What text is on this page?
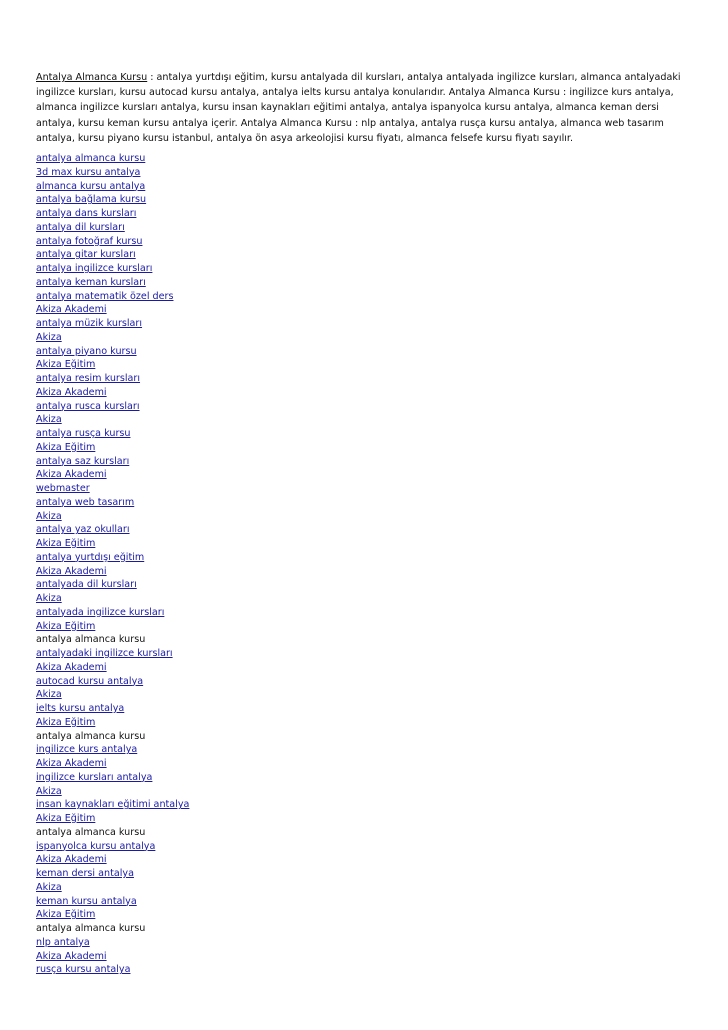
Antalya Almanca Kursu : antalya yurtdışı eğitim, kursu antalyada dil kursları, antalya antalyada ingilizce kursları, almanca antalyadaki ingilizce kursları, kursu autocad kursu antalya, antalya ielts kursu antalya konularıdır. Antalya Almanca Kursu : ingilizce kurs antalya, almanca ingilizce kursları antalya, kursu insan kaynakları eğitimi antalya, antalya ispanyolca kursu antalya, almanca keman dersi antalya, kursu keman kursu antalya içerir. Antalya Almanca Kursu : nlp antalya, antalya rusça kursu antalya, almanca web tasarım antalya, kursu piyano kursu istanbul, antalya ön asya arkeolojisi kursu fiyatı, almanca felsefe kursu fiyatı sayılır.

antalya almanca kursu
3d max kursu antalya
almanca kursu antalya
antalya bağlama kursu
antalya dans kursları
antalya dil kursları
antalya fotoğraf kursu
antalya gitar kursları
antalya ingilizce kursları
antalya keman kursları
antalya matematik özel ders
Akiza Akademi
antalya müzik kursları
Akiza
antalya piyano kursu
Akiza Eğitim
antalya resim kursları
Akiza Akademi
antalya rusca kursları
Akiza
antalya rusça kursu
Akiza Eğitim
antalya saz kursları
Akiza Akademi
webmaster
antalya web tasarım
Akiza
antalya yaz okulları
Akiza Eğitim
antalya yurtdışı eğitim
Akiza Akademi
antalyada dil kursları
Akiza
antalyada ingilizce kursları
Akiza Eğitim
antalya almanca kursu
antalyadaki ingilizce kursları
Akiza Akademi
autocad kursu antalya
Akiza
ielts kursu antalya
Akiza Eğitim
antalya almanca kursu
ingilizce kurs antalya
Akiza Akademi
ingilizce kursları antalya
Akiza
insan kaynakları eğitimi antalya
Akiza Eğitim
antalya almanca kursu
ispanyolca kursu antalya
Akiza Akademi
keman dersi antalya
Akiza
keman kursu antalya
Akiza Eğitim
antalya almanca kursu
nlp antalya
Akiza Akademi
rusça kursu antalya
